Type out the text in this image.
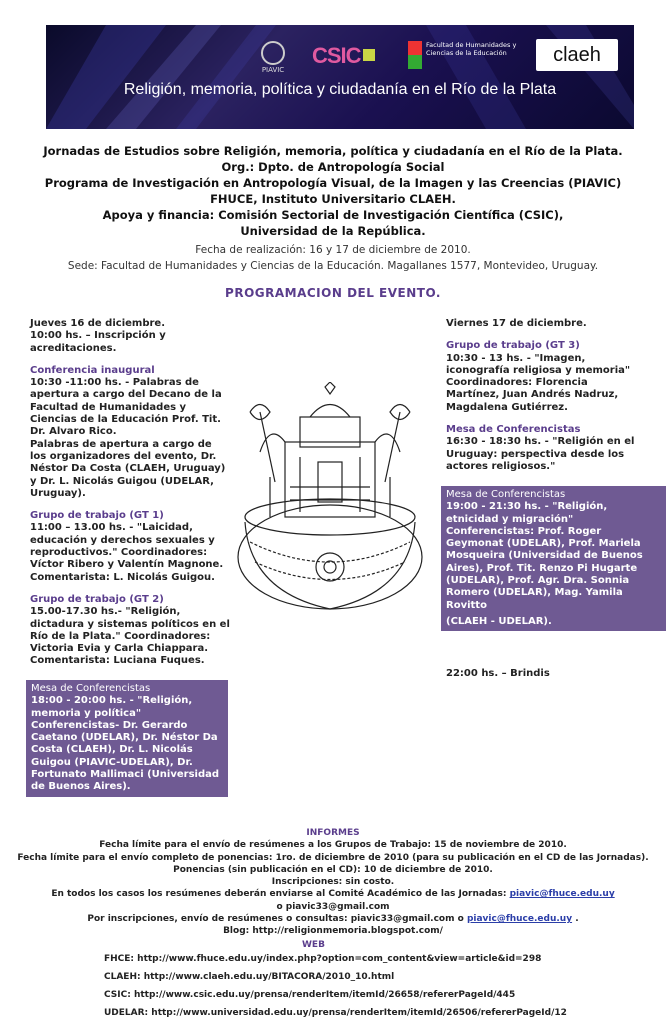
PIAVIC
CSIC	Facultad de Humanidades y Ciencias de la Educación	claeh
Religión, memoria, política y ciudadanía en el Río de la Plata
Jornadas de Estudios sobre Religión, memoria, política y ciudadanía en el Río de la Plata.
Org.: Dpto. de Antropología Social
Programa de Investigación en Antropología Visual, de la Imagen y las Creencias (PIAVIC)
FHUCE, Instituto Universitario CLAEH.
Apoya y financia: Comisión Sectorial de Investigación Científica (CSIC),
Universidad de la República.
Fecha de realización: 16 y 17 de diciembre de 2010.
Sede: Facultad de Humanidades y Ciencias de la Educación. Magallanes 1577, Montevideo, Uruguay.
PROGRAMACION DEL EVENTO.

Jueves 16 de diciembre.

10:00 hs. – Inscripción y acreditaciones.

Conferencia inaugural

10:30 -11:00 hs. - Palabras de apertura a cargo del Decano de la Facultad de Humanidades y Ciencias de la Educación Prof. Tit. Dr. Alvaro Rico.

Palabras de apertura a cargo de los organizadores del evento, Dr. Néstor Da Costa (CLAEH, Uruguay) y Dr. L. Nicolás Guigou (UDELAR, Uruguay).

Grupo de trabajo (GT 1)

11:00 – 13.00 hs. - "Laicidad, educación y derechos sexuales y reproductivos." Coordinadores: Víctor Ribero y Valentín Magnone. Comentarista: L. Nicolás Guigou.

Grupo de trabajo (GT 2)

15.00-17.30 hs.- "Religión, dictadura y sistemas políticos en el Río de la Plata." Coordinadores: Victoria Evia y Carla Chiappara. Comentarista: Luciana Fuques.

Mesa de Conferencistas

18:00 - 20:00 hs. - "Religión, memoria y política" Conferencistas- Dr. Gerardo Caetano (UDELAR), Dr. Néstor Da Costa (CLAEH), Dr. L. Nicolás Guigou (PIAVIC-UDELAR), Dr. Fortunato Mallimaci (Universidad de Buenos Aires).

Viernes 17 de diciembre.

Grupo de trabajo (GT 3)

10:30 - 13 hs. - "Imagen, iconografía religiosa y memoria" Coordinadores: Florencia Martínez, Juan Andrés Nadruz, Magdalena Gutiérrez.

Mesa de Conferencistas

16:30 - 18:30 hs. - "Religión en el Uruguay: perspectiva desde los actores religiosos."

Mesa de Conferencistas

19:00 - 21:30 hs. - "Religión, etnicidad y migración" Conferencistas: Prof. Roger Geymonat (UDELAR), Prof. Mariela Mosqueira (Universidad de Buenos Aires), Prof. Tit. Renzo Pi Hugarte (UDELAR), Prof. Agr. Dra. Sonnia Romero (UDELAR), Mag. Yamila Rovitto

(CLAEH - UDELAR).

22:00 hs. – Brindis

INFORMES
Fecha límite para el envío de resúmenes a los Grupos de Trabajo: 15 de noviembre de 2010.
Fecha límite para el envío completo de ponencias: 1ro. de diciembre de 2010 (para su publicación en el CD de las Jornadas).
Ponencias (sin publicación en el CD): 10 de diciembre de 2010.
Inscripciones: sin costo.
En todos los casos los resúmenes deberán enviarse al Comité Académico de las Jornadas: piavic@fhuce.edu.uy
o piavic33@gmail.com
Por inscripciones, envío de resúmenes o consultas: piavic33@gmail.com o piavic@fhuce.edu.uy .
Blog: http://religionmemoria.blogspot.com/
WEB
FHCE: http://www.fhuce.edu.uy/index.php?option=com_content&view=article&id=298
CLAEH: http://www.claeh.edu.uy/BITACORA/2010_10.html
CSIC: http://www.csic.edu.uy/prensa/renderItem/itemId/26658/refererPageId/445
UDELAR: http://www.universidad.edu.uy/prensa/renderItem/itemId/26506/refererPageId/12
